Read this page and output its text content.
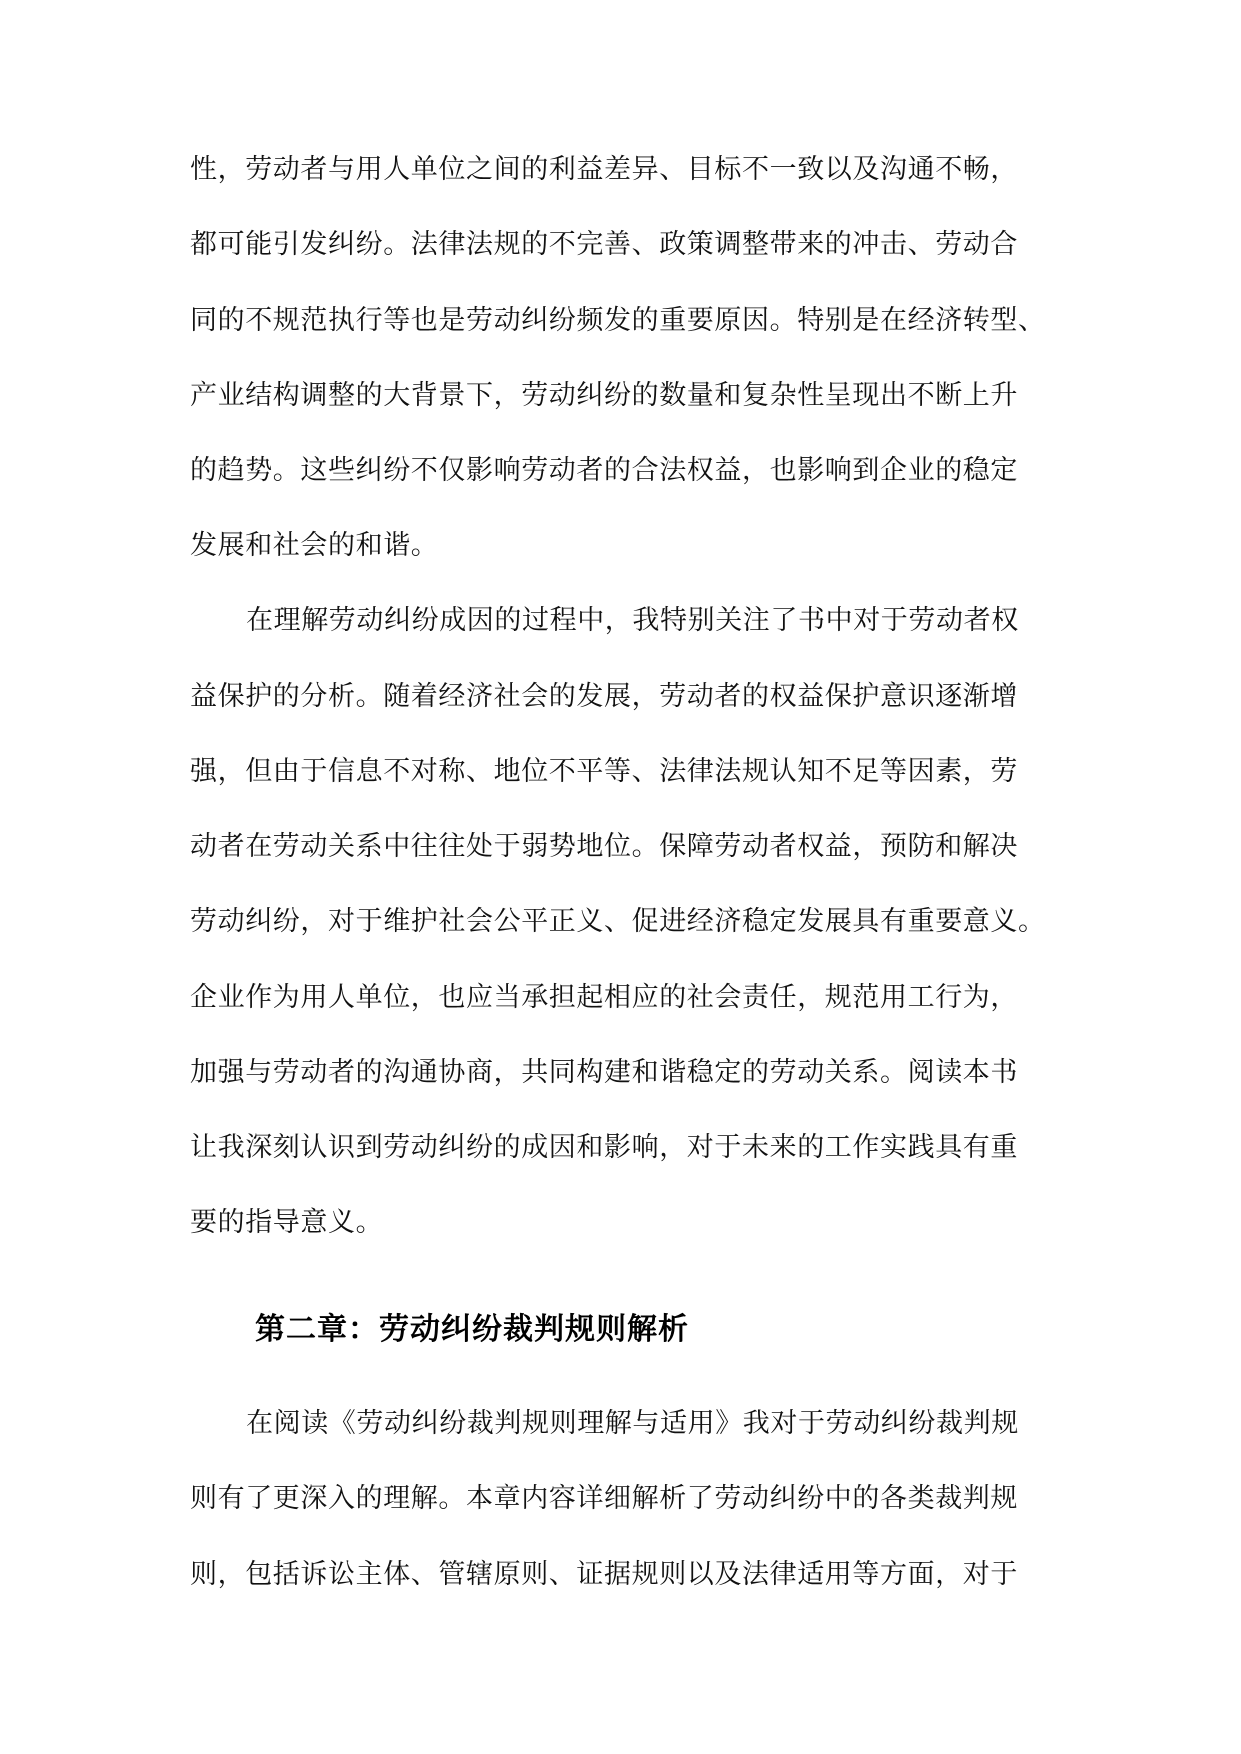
性，劳动者与用人单位之间的利益差异、目标不一致以及沟通不畅，
都可能引发纠纷。法律法规的不完善、政策调整带来的冲击、劳动合
同的不规范执行等也是劳动纠纷频发的重要原因。特别是在经济转型、
产业结构调整的大背景下，劳动纠纷的数量和复杂性呈现出不断上升
的趋势。这些纠纷不仅影响劳动者的合法权益，也影响到企业的稳定
发展和社会的和谐。
在理解劳动纠纷成因的过程中，我特别关注了书中对于劳动者权
益保护的分析。随着经济社会的发展，劳动者的权益保护意识逐渐增
强，但由于信息不对称、地位不平等、法律法规认知不足等因素，劳
动者在劳动关系中往往处于弱势地位。保障劳动者权益，预防和解决
劳动纠纷，对于维护社会公平正义、促进经济稳定发展具有重要意义。
企业作为用人单位，也应当承担起相应的社会责任，规范用工行为，
加强与劳动者的沟通协商，共同构建和谐稳定的劳动关系。阅读本书
让我深刻认识到劳动纠纷的成因和影响，对于未来的工作实践具有重
要的指导意义。
第二章：劳动纠纷裁判规则解析
在阅读《劳动纠纷裁判规则理解与适用》我对于劳动纠纷裁判规
则有了更深入的理解。本章内容详细解析了劳动纠纷中的各类裁判规
则，包括诉讼主体、管辖原则、证据规则以及法律适用等方面，对于
